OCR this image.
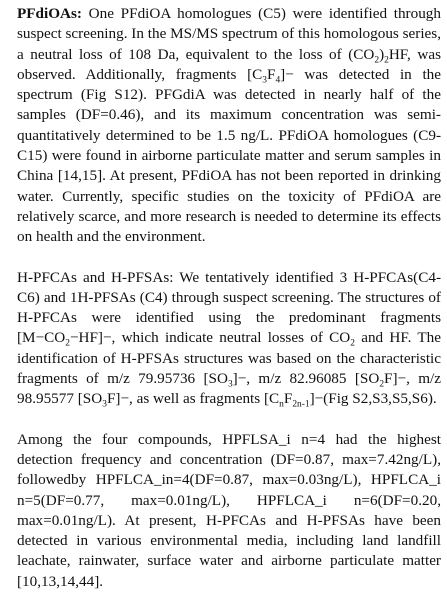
PFdiOAs: One PFdiOA homologues (C5) were identified through suspect screening. In the MS/MS spectrum of this homologous series, a neutral loss of 108 Da, equivalent to the loss of $(CO_2)_2HF$, was observed. Additionally, fragments $[C_3F_4]-$ was detected in the spectrum (Fig S12). PFGdiA was detected in nearly half of the samples (DF=0.46), and its maximum concentration was semi-quantitatively determined to be 1.5 ng/L. PFdiOA homologues (C9- C15) were found in airborne particulate matter and serum samples in China [14,15]. At present, PFdiOA has not been reported in drinking water. Currently, specific studies on the toxicity of PFdiOA are relatively scarce, and more research is needed to determine its effects on health and the environment.

H-PFCAs and H-PFSAs: We tentatively identified 3 H-PFCAs(C4-C6) and 1H-PFSAs (C4) through suspect screening. The structures of H-PFCAs were identified using the predominant fragments $[M-CO_2-HF]-$, which indicate neutral losses of $CO_2$ and HF. The identification of H-PFSAs structures was based on the characteristic fragments of m/z 79.95736 $[SO_3]-$, m/z 82.96085 $[SO_2F]-$, m/z 98.95577 $[SO_3F]-$, as well as fragments $[C_nF_{2n-1}]-(Fig$ S2,S3,S5,S6).

Among the four compounds, HPFLSA_i n=4 had the highest detection frequency and concentration (DF=0.87, max=7.42ng/L), followedby HPFLCA_in=4(DF=0.87, max=0.03ng/L), HPFLCA_i n=5(DF=0.77, max=0.01ng/L), HPFLCA_i n=6(DF=0.20, max=0.01ng/L). At present, H-PFCAs and H-PFSAs have been detected in various environmental media, including land landfill leachate, rainwater, surface water and airborne particulate matter [10,13,14,44].
